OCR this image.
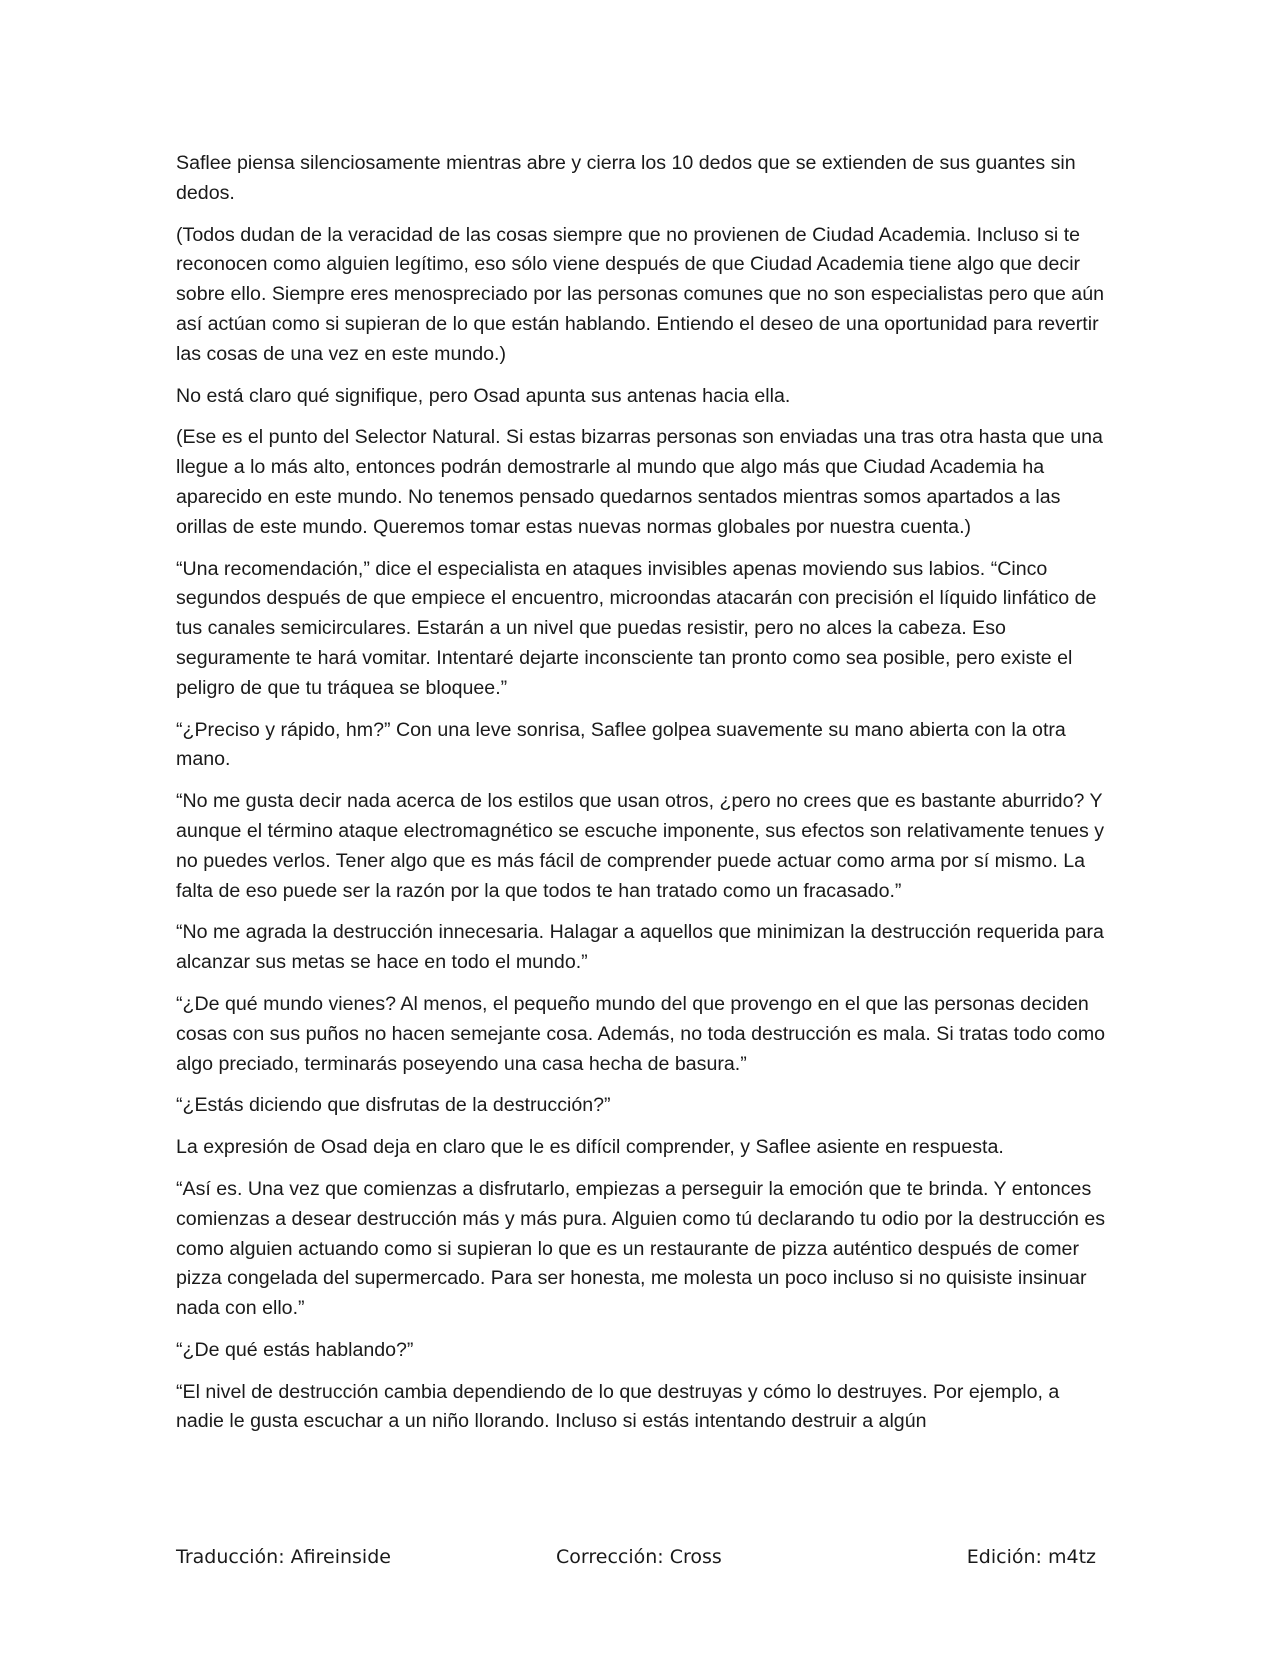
Saflee piensa silenciosamente mientras abre y cierra los 10 dedos que se extienden de sus guantes sin dedos.

(Todos dudan de la veracidad de las cosas siempre que no provienen de Ciudad Academia. Incluso si te reconocen como alguien legítimo, eso sólo viene después de que Ciudad Academia tiene algo que decir sobre ello. Siempre eres menospreciado por las personas comunes que no son especialistas pero que aún así actúan como si supieran de lo que están hablando. Entiendo el deseo de una oportunidad para revertir las cosas de una vez en este mundo.)

No está claro qué signifique, pero Osad apunta sus antenas hacia ella.

(Ese es el punto del Selector Natural. Si estas bizarras personas son enviadas una tras otra hasta que una llegue a lo más alto, entonces podrán demostrarle al mundo que algo más que Ciudad Academia ha aparecido en este mundo. No tenemos pensado quedarnos sentados mientras somos apartados a las orillas de este mundo. Queremos tomar estas nuevas normas globales por nuestra cuenta.)

“Una recomendación,” dice el especialista en ataques invisibles apenas moviendo sus labios. “Cinco segundos después de que empiece el encuentro, microondas atacarán con precisión el líquido linfático de tus canales semicirculares. Estarán a un nivel que puedas resistir, pero no alces la cabeza. Eso seguramente te hará vomitar. Intentaré dejarte inconsciente tan pronto como sea posible, pero existe el peligro de que tu tráquea se bloquee.”

“¿Preciso y rápido, hm?” Con una leve sonrisa, Saflee golpea suavemente su mano abierta con la otra mano.

“No me gusta decir nada acerca de los estilos que usan otros, ¿pero no crees que es bastante aburrido? Y aunque el término ataque electromagnético se escuche imponente, sus efectos son relativamente tenues y no puedes verlos. Tener algo que es más fácil de comprender puede actuar como arma por sí mismo. La falta de eso puede ser la razón por la que todos te han tratado como un fracasado.”

“No me agrada la destrucción innecesaria. Halagar a aquellos que minimizan la destrucción requerida para alcanzar sus metas se hace en todo el mundo.”

“¿De qué mundo vienes? Al menos, el pequeño mundo del que provengo en el que las personas deciden cosas con sus puños no hacen semejante cosa. Además, no toda destrucción es mala. Si tratas todo como algo preciado, terminarás poseyendo una casa hecha de basura.”

“¿Estás diciendo que disfrutas de la destrucción?”

La expresión de Osad deja en claro que le es difícil comprender, y Saflee asiente en respuesta.

“Así es. Una vez que comienzas a disfrutarlo, empiezas a perseguir la emoción que te brinda. Y entonces comienzas a desear destrucción más y más pura. Alguien como tú declarando tu odio por la destrucción es como alguien actuando como si supieran lo que es un restaurante de pizza auténtico después de comer pizza congelada del supermercado. Para ser honesta, me molesta un poco incluso si no quisiste insinuar nada con ello.”

“¿De qué estás hablando?”

“El nivel de destrucción cambia dependiendo de lo que destruyas y cómo lo destruyes. Por ejemplo, a nadie le gusta escuchar a un niño llorando. Incluso si estás intentando destruir a algún

Traducción: Afireinside	Corrección: Cross	Edición: m4tz
